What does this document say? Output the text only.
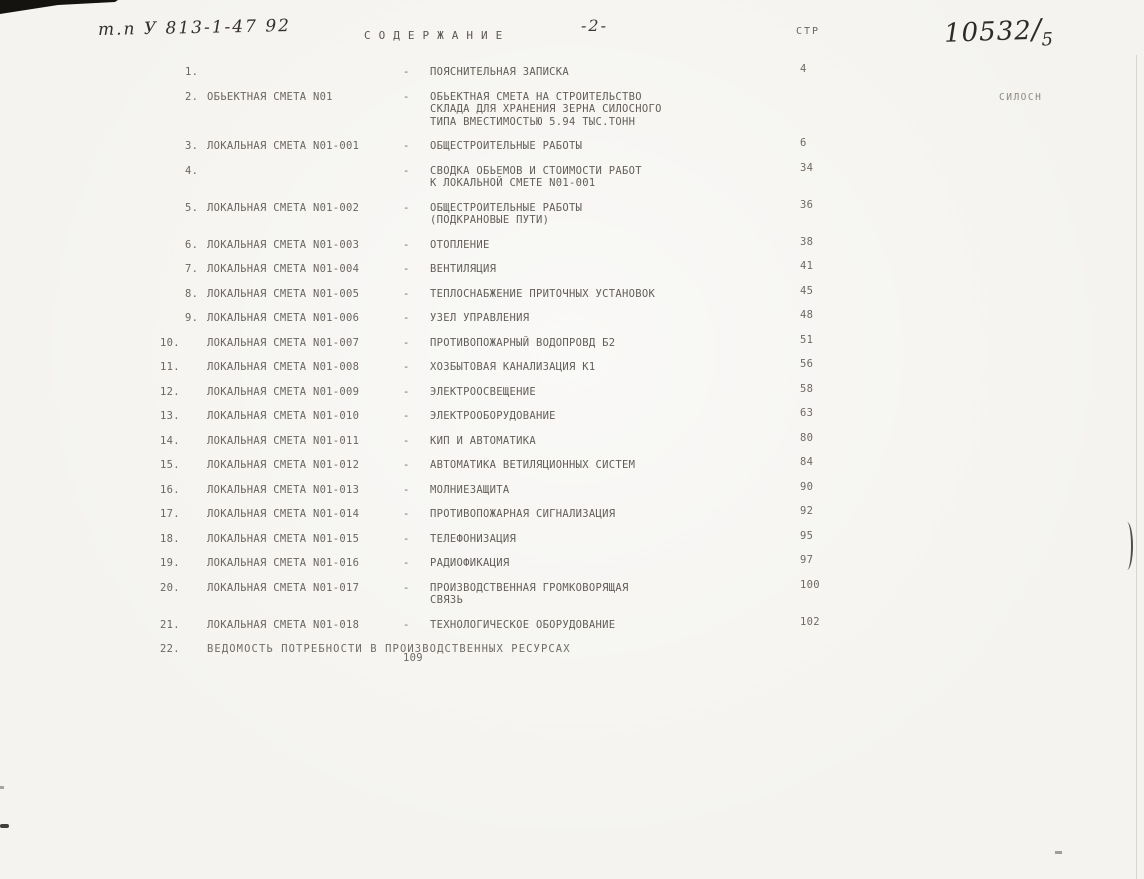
т.п У 813-1-47 92	СОДЕРЖАНИЕ
-2-	СТР	10532/5
СИЛОСН
1.	-	ПОЯСНИТЕЛЬНАЯ ЗАПИСКА	4
2. ОБЬЕКТНАЯ СМЕТА N01	-	ОБЬЕКТНАЯ СМЕТА НА СТРОИТЕЛЬСТВО
СКЛАДА ДЛЯ ХРАНЕНИЯ ЗЕРНА СИЛОСНОГО
ТИПА ВМЕСТИМОСТЬЮ 5.94 ТЫС.ТОНН
3. ЛОКАЛЬНАЯ СМЕТА N01-001	-	ОБЩЕСТРОИТЕЛЬНЫЕ РАБОТЫ	6
4.	-	СВОДКА ОБЬЕМОВ И СТОИМОСТИ РАБОТ
К ЛОКАЛЬНОЙ СМЕТЕ N01-001
34
5. ЛОКАЛЬНАЯ СМЕТА N01-002	-	ОБЩЕСТРОИТЕЛЬНЫЕ РАБОТЫ
(ПОДКРАНОВЫЕ ПУТИ)
36
6. ЛОКАЛЬНАЯ СМЕТА N01-003	-	ОТОПЛЕНИЕ	38
7. ЛОКАЛЬНАЯ СМЕТА N01-004	-	ВЕНТИЛЯЦИЯ	41
8. ЛОКАЛЬНАЯ СМЕТА N01-005	-	ТЕПЛОСНАБЖЕНИЕ ПРИТОЧНЫХ УСТАНОВОК	45
9. ЛОКАЛЬНАЯ СМЕТА N01-006	-	УЗЕЛ УПРАВЛЕНИЯ	48
10.	ЛОКАЛЬНАЯ СМЕТА N01-007	-	ПРОТИВОПОЖАРНЫЙ ВОДОПРОВД Б2	51
11.	ЛОКАЛЬНАЯ СМЕТА N01-008	-	ХОЗБЫТОВАЯ КАНАЛИЗАЦИЯ К1	56
12.	ЛОКАЛЬНАЯ СМЕТА N01-009	-	ЭЛЕКТРООСВЕЩЕНИЕ	58
13.	ЛОКАЛЬНАЯ СМЕТА N01-010	-	ЭЛЕКТРООБОРУДОВАНИЕ	63
14.	ЛОКАЛЬНАЯ СМЕТА N01-011	-	КИП И АВТОМАТИКА	80
15.	ЛОКАЛЬНАЯ СМЕТА N01-012	-	АВТОМАТИКА ВЕТИЛЯЦИОННЫХ СИСТЕМ	84
16.	ЛОКАЛЬНАЯ СМЕТА N01-013	-	МОЛНИЕЗАЩИТА	90
17.	ЛОКАЛЬНАЯ СМЕТА N01-014	-	ПРОТИВОПОЖАРНАЯ СИГНАЛИЗАЦИЯ	92
18.	ЛОКАЛЬНАЯ СМЕТА N01-015	-	ТЕЛЕФОНИЗАЦИЯ	95
19.	ЛОКАЛЬНАЯ СМЕТА N01-016	-	РАДИОФИКАЦИЯ	97
20.	ЛОКАЛЬНАЯ СМЕТА N01-017	-	ПРОИЗВОДСТВЕННАЯ ГРОМКОВОРЯЩАЯ
СВЯЗЬ
100
21.	ЛОКАЛЬНАЯ СМЕТА N01-018	-	ТЕХНОЛОГИЧЕСКОЕ ОБОРУДОВАНИЕ	102
22.	ВЕДОМОСТЬ ПОТРЕБНОСТИ В ПРОИЗВОДСТВЕННЫХ РЕСУРСАХ
109
